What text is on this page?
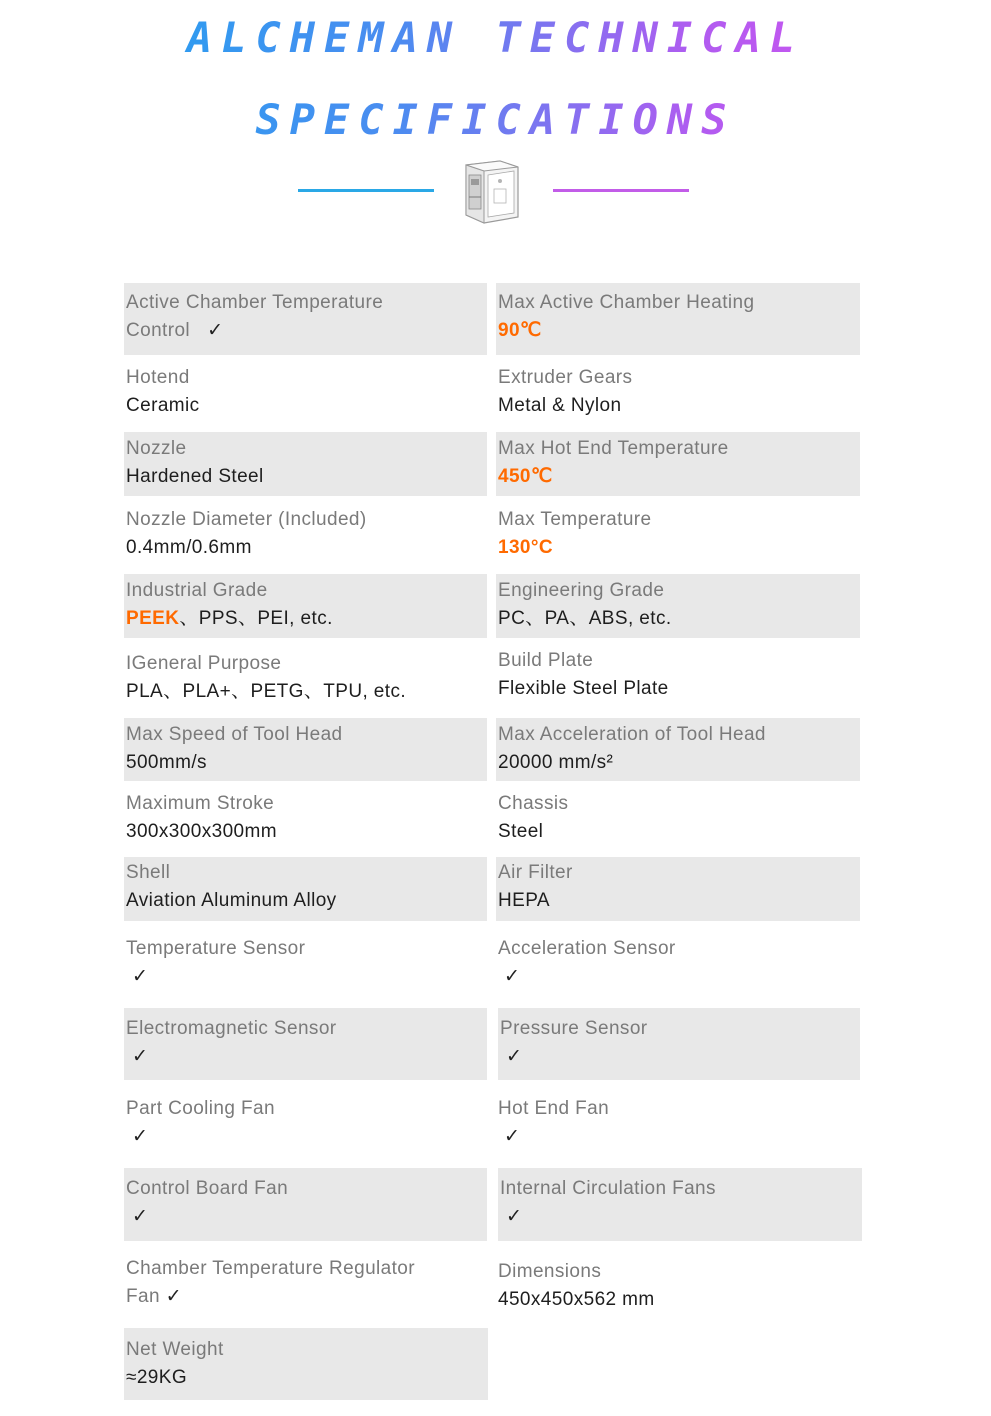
ALCHEMAN TECHNICAL
SPECIFICATIONS
Active Chamber Temperature
Control ✓
Max Active Chamber Heating
90℃
Hotend
Ceramic
Extruder Gears
Metal & Nylon
Nozzle
Hardened Steel
Max Hot End Temperature
450℃
Nozzle Diameter (Included)
0.4mm/0.6mm
Max Temperature
130°C
Industrial Grade
PEEK、PPS、PEI, etc.
Engineering Grade
PC、PA、ABS, etc.
IGeneral Purpose
PLA、PLA+、PETG、TPU, etc.
Build Plate
Flexible Steel Plate
Max Speed of Tool Head
500mm/s
Max Acceleration of Tool Head
20000 mm/s²
Maximum Stroke
300x300x300mm
Chassis
Steel
Shell
Aviation Aluminum Alloy
Air Filter
HEPA
Temperature Sensor
✓
Acceleration Sensor
✓
Electromagnetic Sensor
✓
Pressure Sensor
✓
Part Cooling Fan
✓
Hot End Fan
✓
Control Board Fan
✓
Internal Circulation Fans
✓
Chamber Temperature Regulator
Fan ✓
Dimensions
450x450x562 mm
Net Weight
≈29KG
